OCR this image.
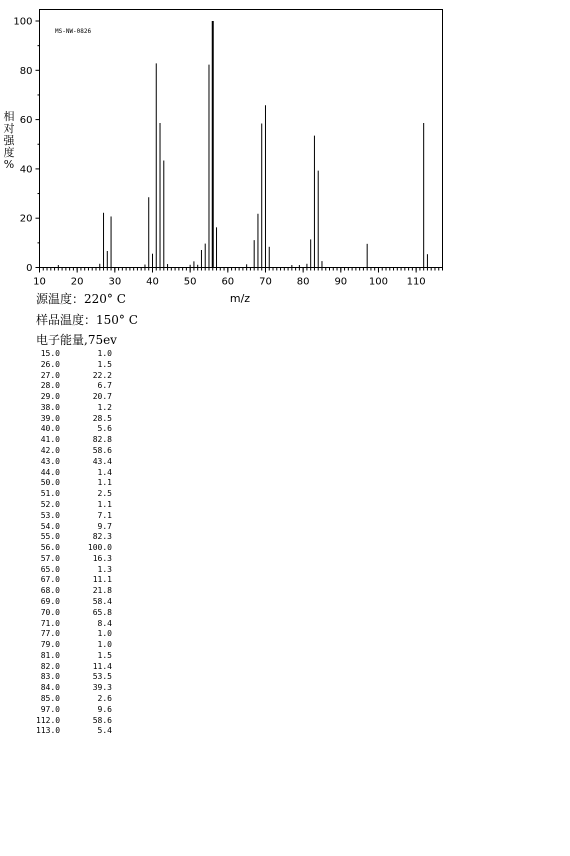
10 20 30 40 50 60 70 80 90 100 110
0
20
40
60
80
100
MS-NW-0826
m/z
相对强度%
源温度：220° C
样品温度：150° C
电子能量,75ev
15.0	1.0
26.0	1.5
27.0	22.2
28.0	6.7
29.0	20.7
38.0	1.2
39.0	28.5
40.0	5.6
41.0	82.8
42.0	58.6
43.0	43.4
44.0	1.4
50.0	1.1
51.0	2.5
52.0	1.1
53.0	7.1
54.0	9.7
55.0	82.3
56.0	100.0
57.0	16.3
65.0	1.3
67.0	11.1
68.0	21.8
69.0	58.4
70.0	65.8
71.0	8.4
77.0	1.0
79.0	1.0
81.0	1.5
82.0	11.4
83.0	53.5
84.0	39.3
85.0	2.6
97.0	9.6
112.0	58.6
113.0	5.4
